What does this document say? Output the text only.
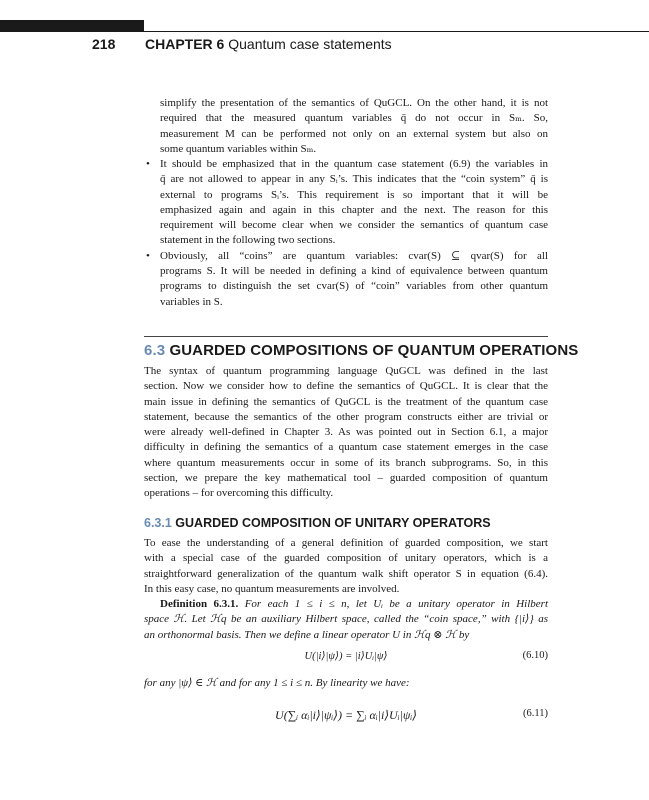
218 CHAPTER 6 Quantum case statements
simplify the presentation of the semantics of QuGCL. On the other hand, it is not
required that the measured quantum variables q̄ do not occur in Sₘ. So,
measurement M can be performed not only on an external system but also on
some quantum variables within Sₘ.
• It should be emphasized that in the quantum case statement (6.9) the variables in
q̄ are not allowed to appear in any Sᵢ’s. This indicates that the “coin system” q̄ is
external to programs Sᵢ’s. This requirement is so important that it will be
emphasized again and again in this chapter and the next. The reason for this
requirement will become clear when we consider the semantics of quantum case
statement in the following two sections.
• Obviously, all “coins” are quantum variables: cvar(S) ⊆ qvar(S) for all
programs S. It will be needed in defining a kind of equivalence between quantum
programs to distinguish the set cvar(S) of “coin” variables from other quantum
variables in S.
6.3 GUARDED COMPOSITIONS OF QUANTUM OPERATIONS
The syntax of quantum programming language QuGCL was defined in the last
section. Now we consider how to define the semantics of QuGCL. It is clear that the
main issue in defining the semantics of QuGCL is the treatment of the quantum case
statement, because the semantics of the other program constructs either are trivial or
were already well-defined in Chapter 3. As was pointed out in Section 6.1, a major
difficulty in defining the semantics of a quantum case statement emerges in the case
where quantum measurements occur in some of its branch subprograms. So, in this
section, we prepare the key mathematical tool – guarded composition of quantum
operations – for overcoming this difficulty.
6.3.1 GUARDED COMPOSITION OF UNITARY OPERATORS
To ease the understanding of a general definition of guarded composition, we start
with a special case of the guarded composition of unitary operators, which is a
straightforward generalization of the quantum walk shift operator S in equation (6.4).
In this easy case, no quantum measurements are involved.
Definition 6.3.1. For each 1 ≤ i ≤ n, let Uᵢ be a unitary operator in Hilbert
space ℋ. Let ℋq be an auxiliary Hilbert space, called the “coin space,” with {|i⟩} as
an orthonormal basis. Then we define a linear operator U in ℋq ⊗ ℋ by
U(|i⟩|ψ⟩) = |i⟩Uᵢ|ψ⟩	(6.10)
for any |ψ⟩ ∈ ℋ and for any 1 ≤ i ≤ n. By linearity we have:
U(∑ᵢ αᵢ|i⟩|ψᵢ⟩) = ∑ᵢ αᵢ|i⟩Uᵢ|ψᵢ⟩	(6.11)
